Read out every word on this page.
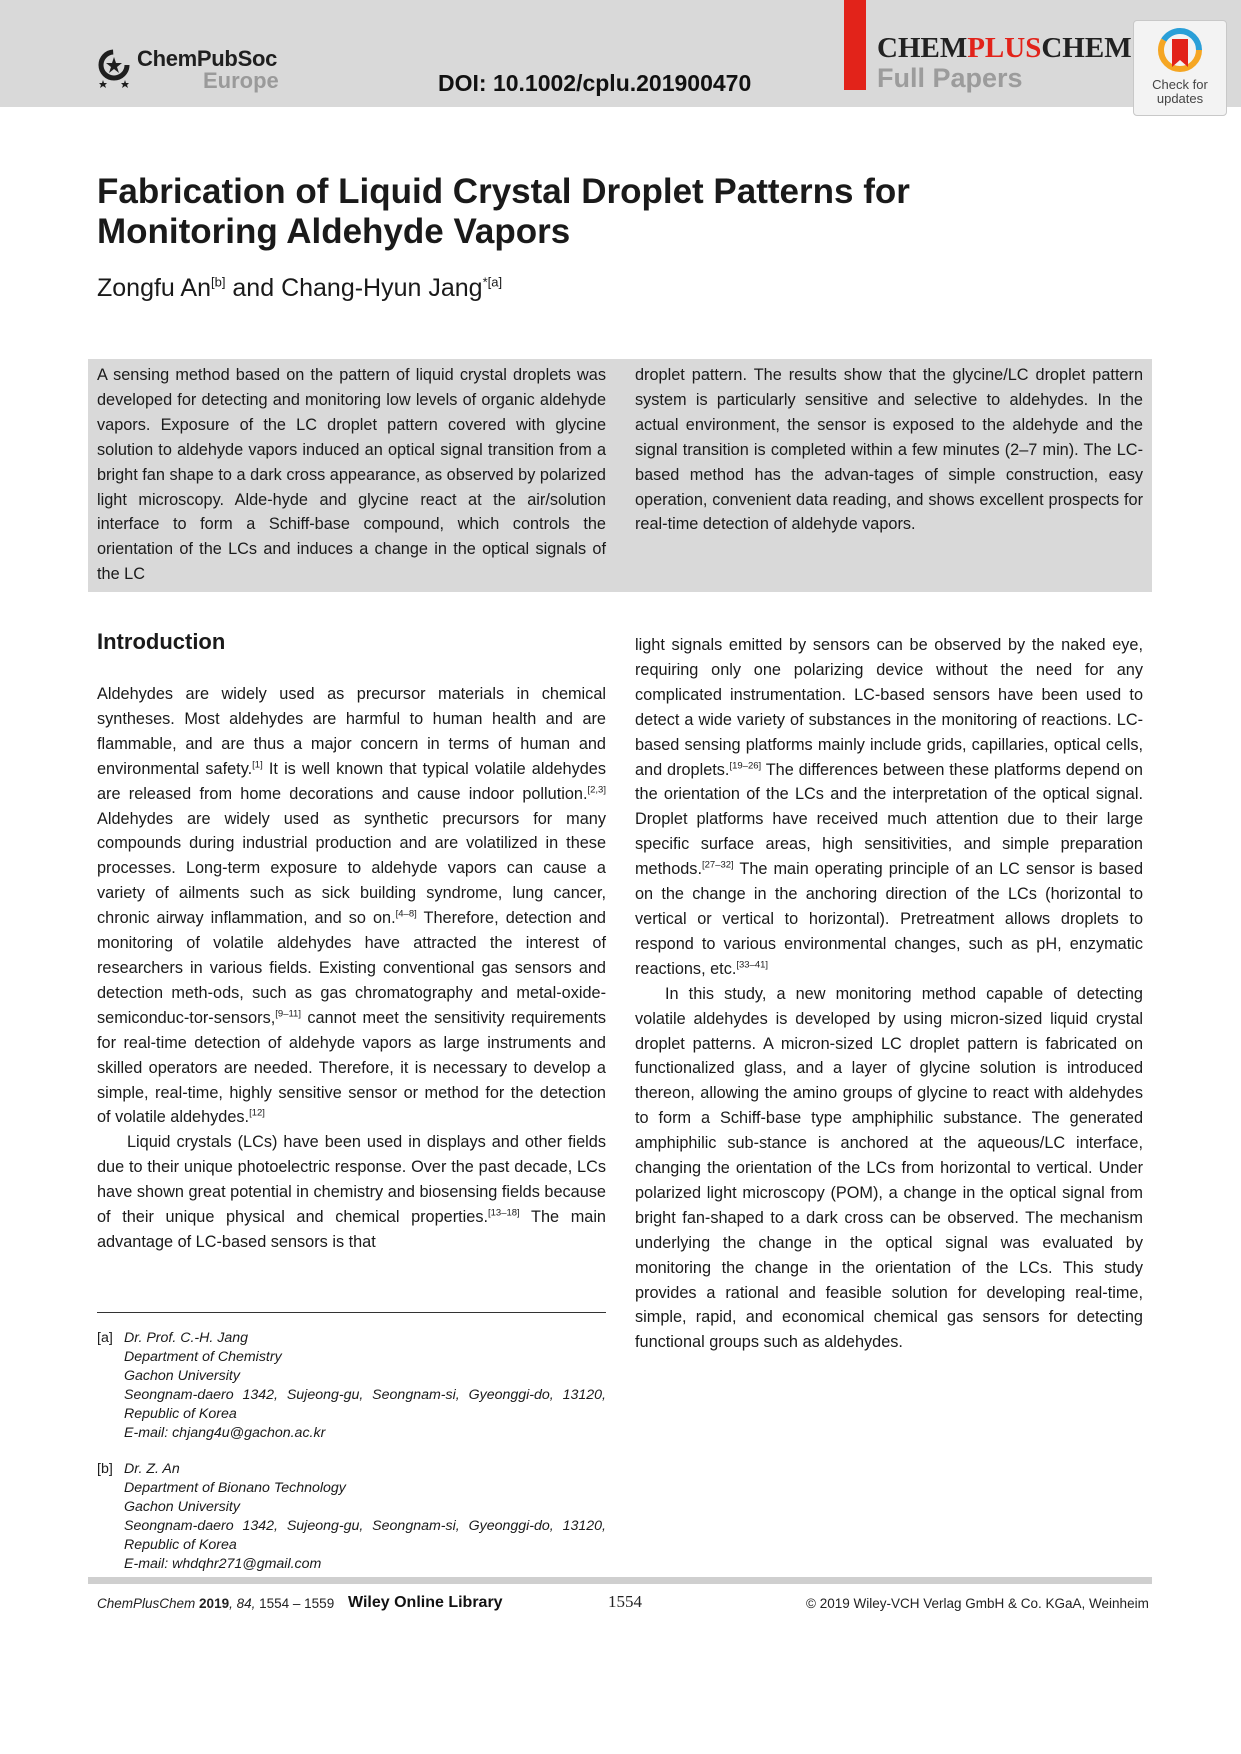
ChemPubSoc
Europe	DOI: 10.1002/cplu.201900470
CHEMPLUSCHEM
Full Papers	Check for
updates
Fabrication of Liquid Crystal Droplet Patterns for Monitoring Aldehyde Vapors
Zongfu An[b] and Chang-Hyun Jang$^{*[a]}$

A sensing method based on the pattern of liquid crystal droplets was developed for detecting and monitoring low levels of organic aldehyde vapors. Exposure of the LC droplet pattern covered with glycine solution to aldehyde vapors induced an optical signal transition from a bright fan shape to a dark cross appearance, as observed by polarized light microscopy. Alde-hyde and glycine react at the air/solution interface to form a Schiff-base compound, which controls the orientation of the LCs and induces a change in the optical signals of the LC

droplet pattern. The results show that the glycine/LC droplet pattern system is particularly sensitive and selective to aldehydes. In the actual environment, the sensor is exposed to the aldehyde and the signal transition is completed within a few minutes (2–7 min). The LC-based method has the advan-tages of simple construction, easy operation, convenient data reading, and shows excellent prospects for real-time detection of aldehyde vapors.

Introduction

Aldehydes are widely used as precursor materials in chemical syntheses. Most aldehydes are harmful to human health and are flammable, and are thus a major concern in terms of human and environmental safety.[1] It is well known that typical volatile aldehydes are released from home decorations and cause indoor pollution.[2,3] Aldehydes are widely used as synthetic precursors for many compounds during industrial production and are volatilized in these processes. Long-term exposure to aldehyde vapors can cause a variety of ailments such as sick building syndrome, lung cancer, chronic airway inflammation, and so on.[4–8] Therefore, detection and monitoring of volatile aldehydes have attracted the interest of researchers in various fields. Existing conventional gas sensors and detection meth-ods, such as gas chromatography and metal-oxide-semiconduc-tor-sensors,[9–11] cannot meet the sensitivity requirements for real-time detection of aldehyde vapors as large instruments and skilled operators are needed. Therefore, it is necessary to develop a simple, real-time, highly sensitive sensor or method for the detection of volatile aldehydes.[12]

Liquid crystals (LCs) have been used in displays and other fields due to their unique photoelectric response. Over the past decade, LCs have shown great potential in chemistry and biosensing fields because of their unique physical and chemical properties.[13–18] The main advantage of LC-based sensors is that

light signals emitted by sensors can be observed by the naked eye, requiring only one polarizing device without the need for any complicated instrumentation. LC-based sensors have been used to detect a wide variety of substances in the monitoring of reactions. LC-based sensing platforms mainly include grids, capillaries, optical cells, and droplets.[19–26] The differences between these platforms depend on the orientation of the LCs and the interpretation of the optical signal. Droplet platforms have received much attention due to their large specific surface areas, high sensitivities, and simple preparation methods.[27–32] The main operating principle of an LC sensor is based on the change in the anchoring direction of the LCs (horizontal to vertical or vertical to horizontal). Pretreatment allows droplets to respond to various environmental changes, such as pH, enzymatic reactions, etc.[33–41]

In this study, a new monitoring method capable of detecting volatile aldehydes is developed by using micron-sized liquid crystal droplet patterns. A micron-sized LC droplet pattern is fabricated on functionalized glass, and a layer of glycine solution is introduced thereon, allowing the amino groups of glycine to react with aldehydes to form a Schiff-base type amphiphilic substance. The generated amphiphilic sub-stance is anchored at the aqueous/LC interface, changing the orientation of the LCs from horizontal to vertical. Under polarized light microscopy (POM), a change in the optical signal from bright fan-shaped to a dark cross can be observed. The mechanism underlying the change in the optical signal was evaluated by monitoring the change in the orientation of the LCs. This study provides a rational and feasible solution for developing real-time, simple, rapid, and economical chemical gas sensors for detecting functional groups such as aldehydes.

[a] Dr. Prof. C.-H. Jang
Department of Chemistry
Gachon University
Seongnam-daero 1342, Sujeong-gu, Seongnam-si, Gyeonggi-do, 13120,
Republic of Korea
E-mail: chjang4u@gachon.ac.kr
[b] Dr. Z. An
Department of Bionano Technology
Gachon University
Seongnam-daero 1342, Sujeong-gu, Seongnam-si, Gyeonggi-do, 13120,
Republic of Korea
E-mail: whdqhr271@gmail.com
ChemPlusChem 2019, 84, 1554 – 1559 Wiley Online Library	1554	© 2019 Wiley-VCH Verlag GmbH & Co. KGaA, Weinheim
